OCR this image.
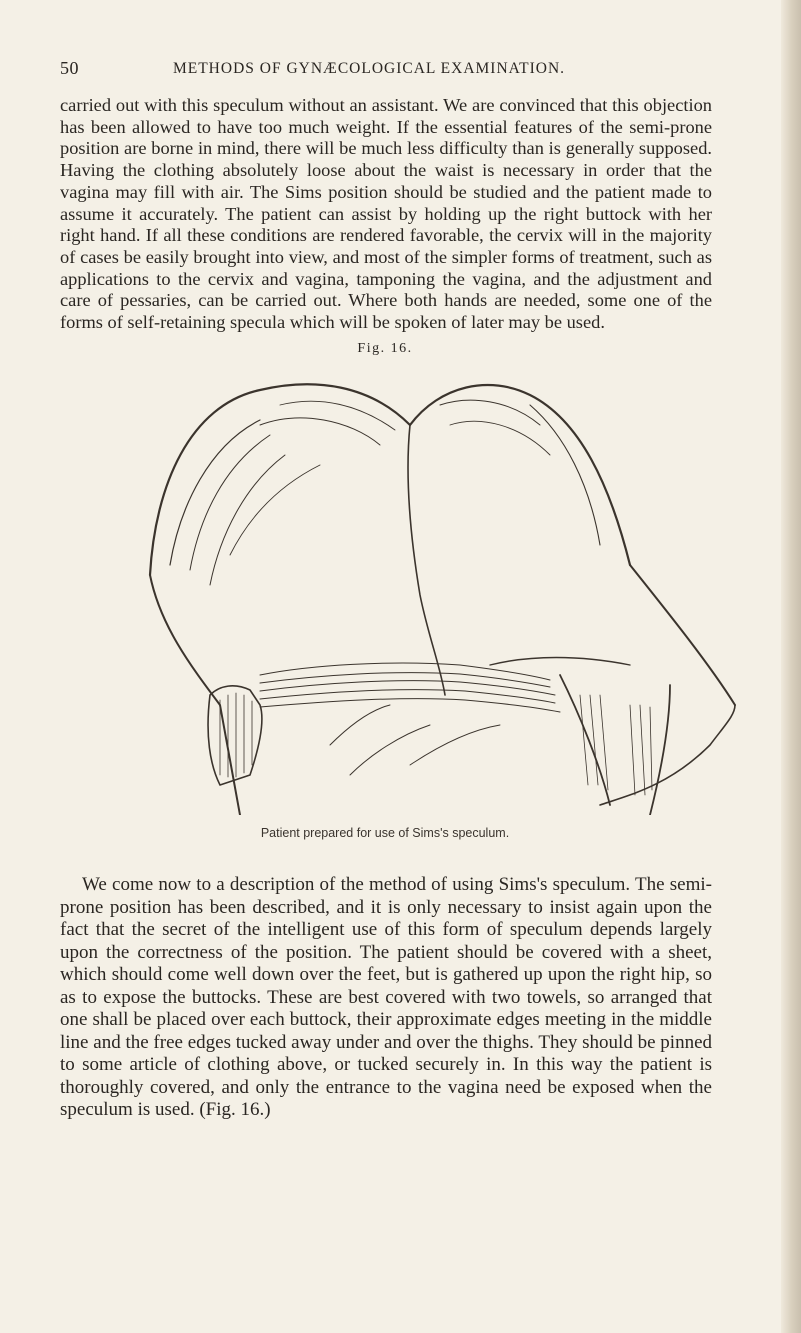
50	METHODS OF GYNÆCOLOGICAL EXAMINATION.

carried out with this speculum without an assistant. We are convinced that this objection has been allowed to have too much weight. If the essential features of the semi-prone position are borne in mind, there will be much less difficulty than is generally supposed. Having the clothing absolutely loose about the waist is necessary in order that the vagina may fill with air. The Sims position should be studied and the patient made to assume it accurately. The patient can assist by holding up the right buttock with her right hand. If all these conditions are rendered favorable, the cervix will in the majority of cases be easily brought into view, and most of the simpler forms of treatment, such as applications to the cervix and vagina, tamponing the vagina, and the adjustment and care of pessaries, can be carried out. Where both hands are needed, some one of the forms of self-retaining specula which will be spoken of later may be used.

Fig. 16.
Patient prepared for use of Sims's speculum.

We come now to a description of the method of using Sims's speculum. The semi-prone position has been described, and it is only necessary to insist again upon the fact that the secret of the intelligent use of this form of speculum depends largely upon the correctness of the position. The patient should be covered with a sheet, which should come well down over the feet, but is gathered up upon the right hip, so as to expose the buttocks. These are best covered with two towels, so arranged that one shall be placed over each buttock, their approximate edges meeting in the middle line and the free edges tucked away under and over the thighs. They should be pinned to some article of clothing above, or tucked securely in. In this way the patient is thoroughly covered, and only the entrance to the vagina need be exposed when the speculum is used. (Fig. 16.)
